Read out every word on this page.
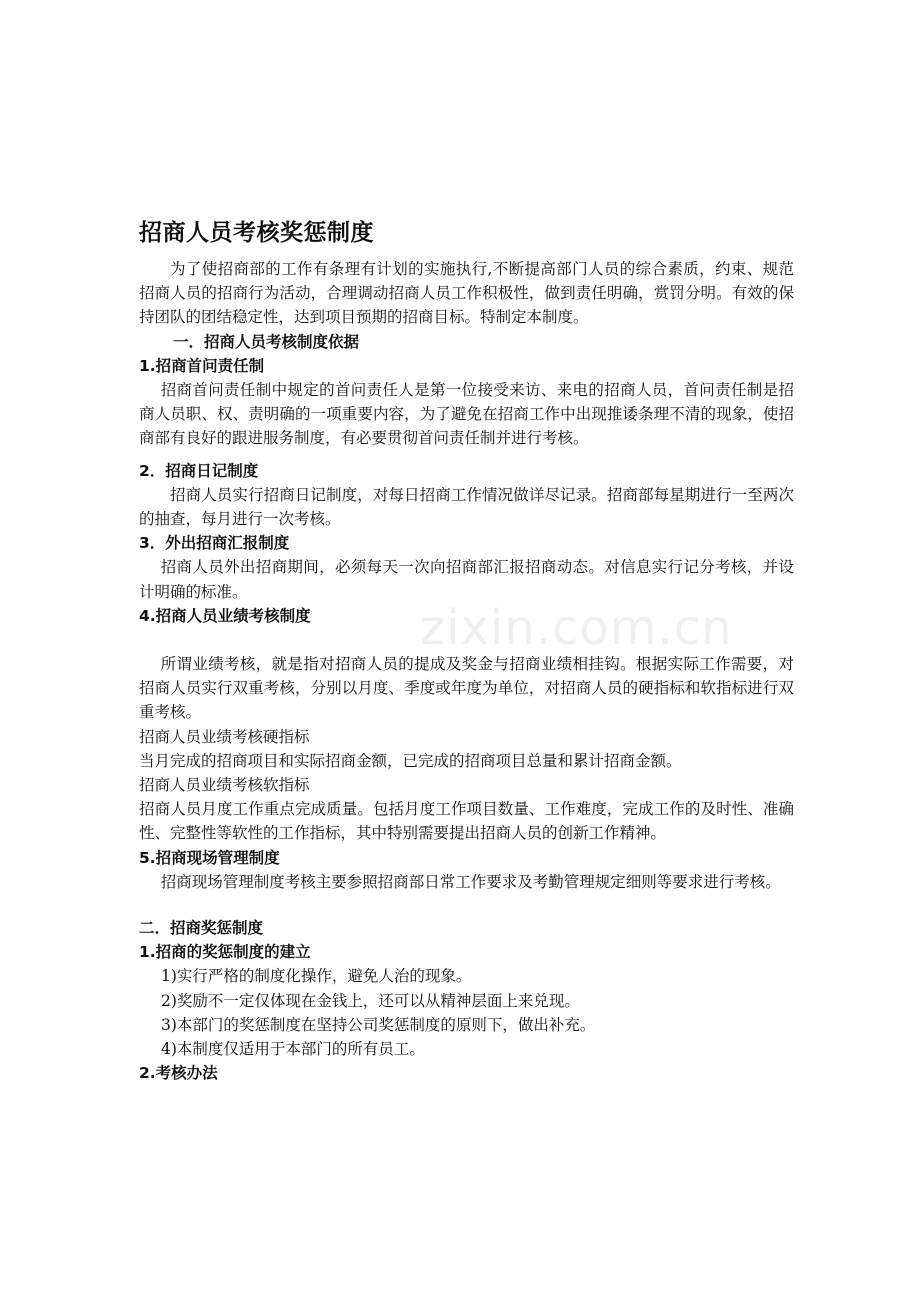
zixin.com.cn
招商人员考核奖惩制度

为了使招商部的工作有条理有计划的实施执行,不断提高部门人员的综合素质，约束、规范招商人员的招商行为活动，合理调动招商人员工作积极性，做到责任明确，赏罚分明。有效的保持团队的团结稳定性，达到项目预期的招商目标。特制定本制度。

一．招商人员考核制度依据

1.招商首问责任制

招商首问责任制中规定的首问责任人是第一位接受来访、来电的招商人员，首问责任制是招商人员职、权、责明确的一项重要内容，为了避免在招商工作中出现推诿条理不清的现象，使招商部有良好的跟进服务制度，有必要贯彻首问责任制并进行考核。

2．招商日记制度

招商人员实行招商日记制度，对每日招商工作情况做详尽记录。招商部每星期进行一至两次的抽查，每月进行一次考核。

3．外出招商汇报制度

招商人员外出招商期间，必须每天一次向招商部汇报招商动态。对信息实行记分考核，并设计明确的标准。

4.招商人员业绩考核制度

所谓业绩考核，就是指对招商人员的提成及奖金与招商业绩相挂钩。根据实际工作需要，对招商人员实行双重考核，分别以月度、季度或年度为单位，对招商人员的硬指标和软指标进行双重考核。

招商人员业绩考核硬指标

当月完成的招商项目和实际招商金额，已完成的招商项目总量和累计招商金额。

招商人员业绩考核软指标

招商人员月度工作重点完成质量。包括月度工作项目数量、工作难度，完成工作的及时性、准确性、完整性等软性的工作指标，其中特别需要提出招商人员的创新工作精神。

5.招商现场管理制度

招商现场管理制度考核主要参照招商部日常工作要求及考勤管理规定细则等要求进行考核。

二．招商奖惩制度

1.招商的奖惩制度的建立

1)实行严格的制度化操作，避免人治的现象。

2)奖励不一定仅体现在金钱上，还可以从精神层面上来兑现。

3)本部门的奖惩制度在坚持公司奖惩制度的原则下，做出补充。

4)本制度仅适用于本部门的所有员工。

2.考核办法
